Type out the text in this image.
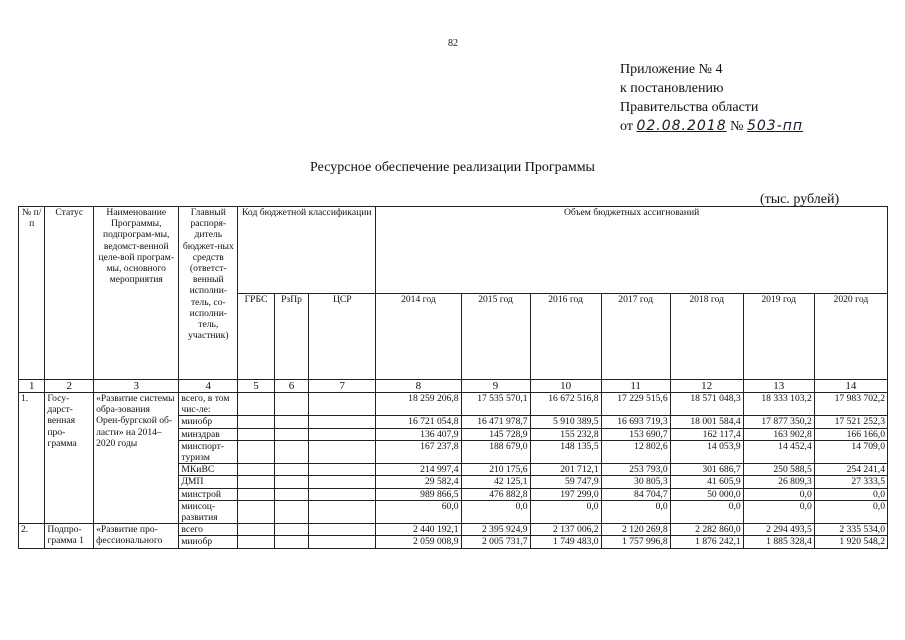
82
Приложение № 4
к постановлению
Правительства области
от 02.08.2018 № 503-пп
Ресурсное обеспечение реализации Программы
(тыс. рублей)
№ п/п	Статус	Наименование Программы, подпрограм-мы, ведомст-венной целе-вой програм-мы, основного мероприятия	Главный распоря-дитель бюджет-ных средств (ответст-венный исполни-тель, со-исполни-тель, участник)	Код бюджетной классификации			Объем бюджетных ассигнований						
				ГРБС	РзПр	ЦСР	2014 год	2015 год	2016 год	2017 год	2018 год	2019 год	2020 год
1	2	3	4	5	6	7	8	9	10	11	12	13	14
1.	Госу-дарст-венная про-грамма	«Развитие системы обра-зования Орен-бургской об-ласти» на 2014–2020 годы	всего, в том чис-ле:				18 259 206,8	17 535 570,1	16 672 516,8	17 229 515,6	18 571 048,3	18 333 103,2	17 983 702,2
			минобр				16 721 054,8	16 471 978,7	5 910 389,5	16 693 719,3	18 001 584,4	17 877 350,2	17 521 252,3
			минздрав				136 407,9	145 728,9	155 232,8	153 690,7	162 117,4	163 902,8	166 166,0
			минспорт-туризм				167 237,8	188 679,0	148 135,5	12 802,6	14 053,9	14 452,4	14 709,0
			МКиВС				214 997,4	210 175,6	201 712,1	253 793,0	301 686,7	250 588,5	254 241,4
			ДМП				29 582,4	42 125,1	59 747,9	30 805,3	41 605,9	26 809,3	27 333,5
			минстрой				989 866,5	476 882,8	197 299,0	84 704,7	50 000,0	0,0	0,0
			минсоц-развития				60,0	0,0	0,0	0,0	0,0	0,0	0,0
2.	Подпро-грамма 1	«Развитие про-фессионального	всего				2 440 192,1	2 395 924,9	2 137 006,2	2 120 269,8	2 282 860,0	2 294 493,5	2 335 534,0
			минобр				2 059 008,9	2 005 731,7	1 749 483,0	1 757 996,8	1 876 242,1	1 885 328,4	1 920 548,2
